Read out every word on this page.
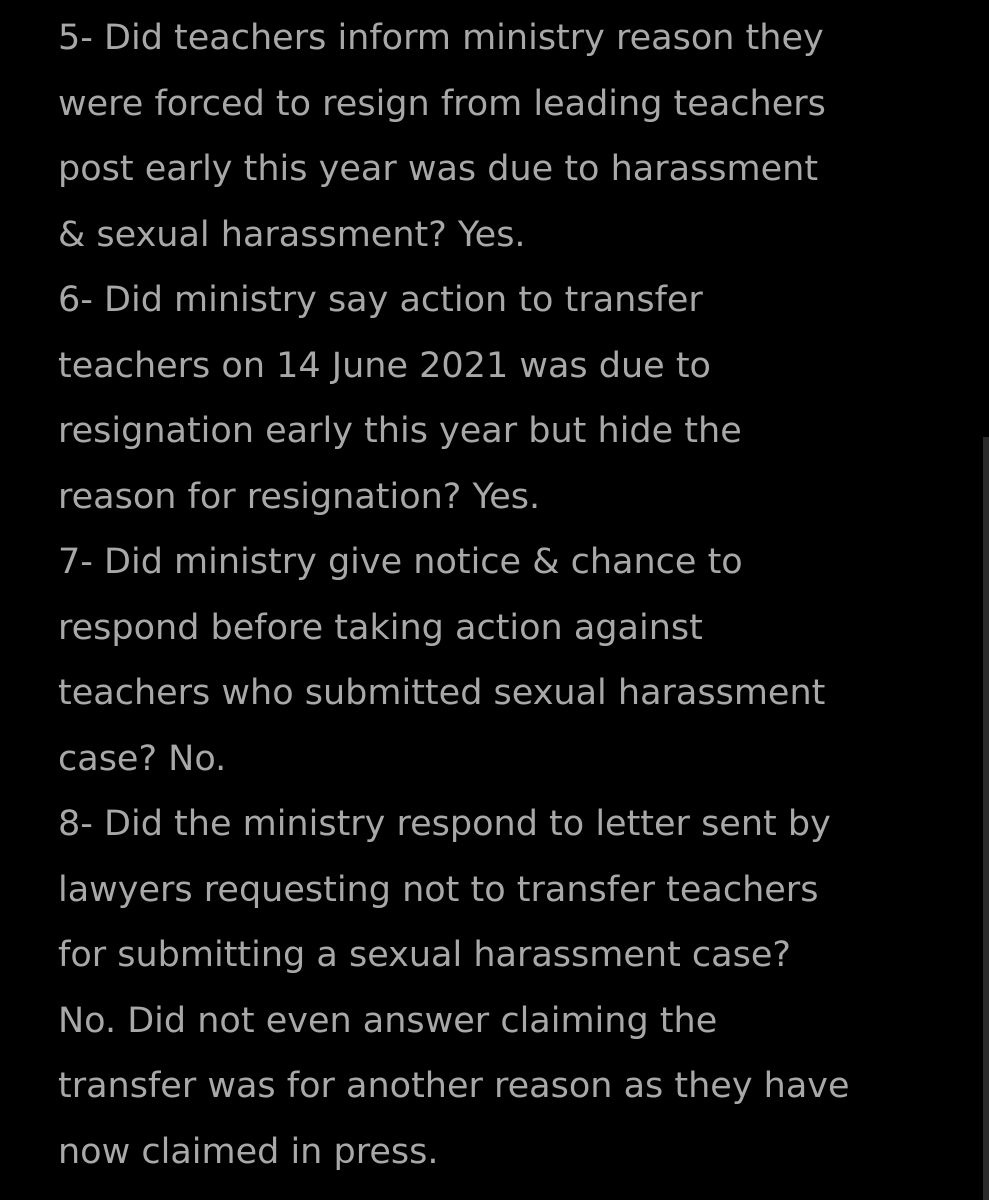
5- Did teachers inform ministry reason they
were forced to resign from leading teachers
post early this year was due to harassment
& sexual harassment? Yes.
6- Did ministry say action to transfer
teachers on 14 June 2021 was due to
resignation early this year but hide the
reason for resignation? Yes.
7- Did ministry give notice & chance to
respond before taking action against
teachers who submitted sexual harassment
case? No.
8- Did the ministry respond to letter sent by
lawyers requesting not to transfer teachers
for submitting a sexual harassment case?
No. Did not even answer claiming the
transfer was for another reason as they have
now claimed in press.
